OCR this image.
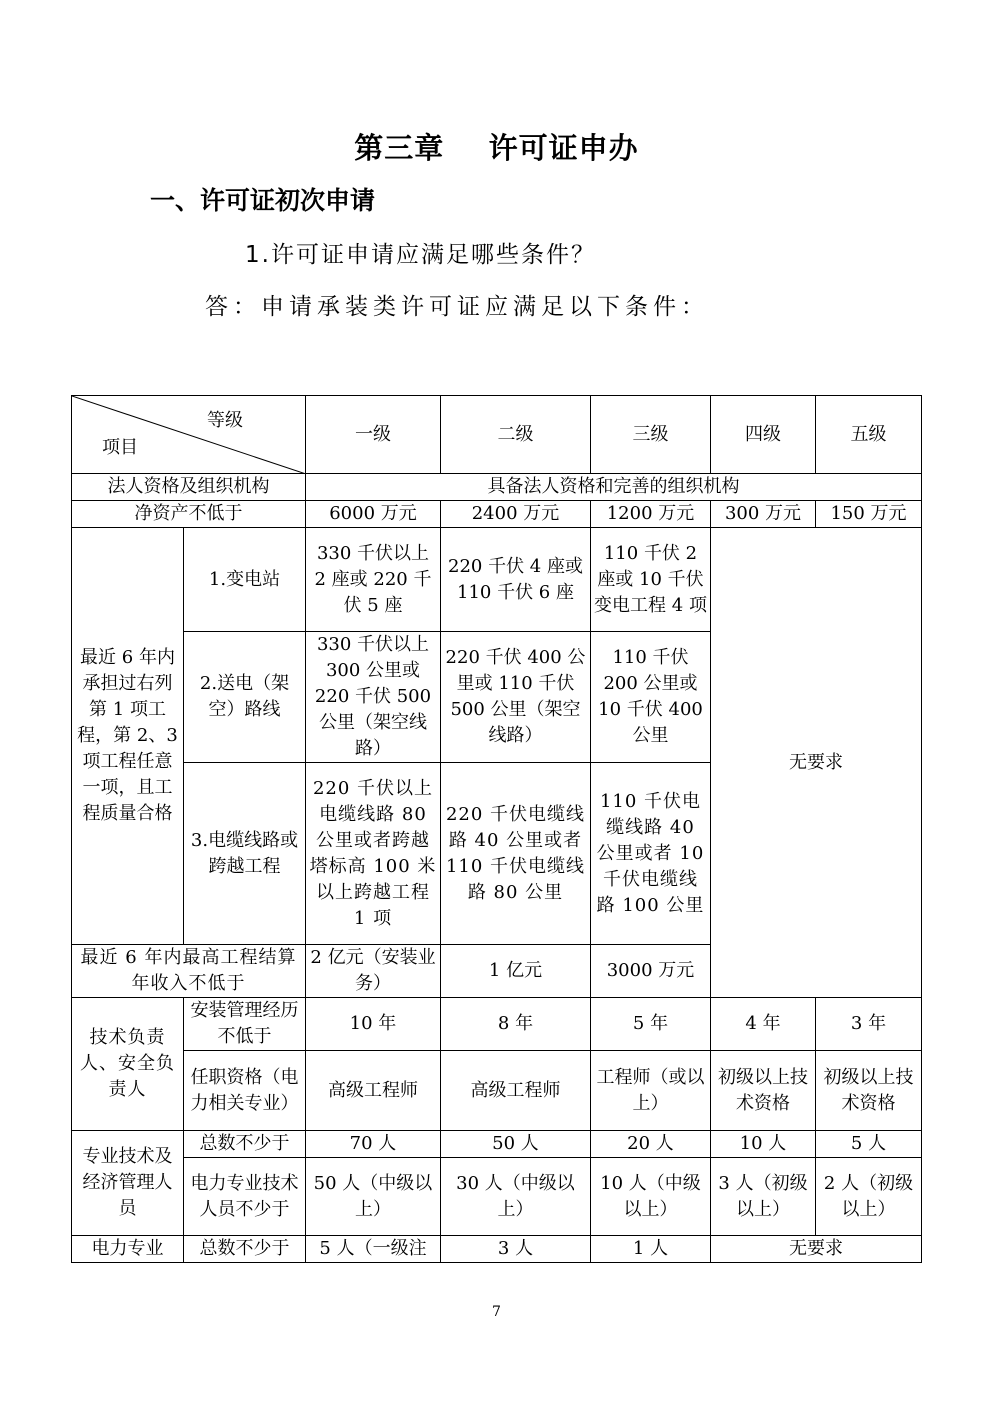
第三章    许可证申办
一、许可证初次申请
1.许可证申请应满足哪些条件？
答：申请承装类许可证应满足以下条件：
等级
项目		一级	二级	三级	四级	五级
法人资格及组织机构		具备法人资格和完善的组织机构				
净资产不低于		6000 万元	2400 万元	1200 万元	300 万元	150 万元
最近 6 年内承担过右列第 1 项工程，第 2、3 项工程任意一项，且工程质量合格	1.变电站	330 千伏以上 2 座或 220 千伏 5 座	220 千伏 4 座或 110 千伏 6 座	110 千伏 2 座或 10 千伏变电工程 4 项	无要求	
	2.送电（架空）路线	330 千伏以上 300 公里或 220 千伏 500 公里（架空线路）	220 千伏 400 公里或 110 千伏 500 公里（架空线路）	110 千伏 200 公里或 10 千伏 400 公里		
	3.电缆线路或跨越工程	220 千伏以上电缆线路 80 公里或者跨越塔标高 100 米以上跨越工程 1 项	220 千伏电缆线路 40 公里或者 110 千伏电缆线路 80 公里	110 千伏电缆线路 40 公里或者 10 千伏电缆线路 100 公里		
最近 6 年内最高工程结算年收入不低于		2 亿元（安装业务）	1 亿元	3000 万元		
技术负责人、安全负责人	安装管理经历不低于	10 年	8 年	5 年	4 年	3 年
	任职资格（电力相关专业）	高级工程师	高级工程师	工程师（或以上）	初级以上技术资格	初级以上技术资格
专业技术及经济管理人员	总数不少于	70 人	50 人	20 人	10 人	5 人
	电力专业技术人员不少于	50 人（中级以上）	30 人（中级以上）	10 人（中级以上）	3 人（初级以上）	2 人（初级以上）
电力专业	总数不少于	5 人（一级注	3 人	1 人	无要求	
7
